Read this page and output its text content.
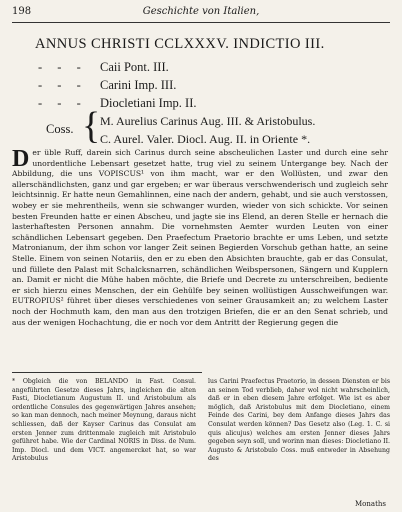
198	Geschichte von Italien,
ANNUS CHRISTI CCLXXXV. INDICTIO III.
- - - Caii Pont. III.
- - - Carini Imp. III.
- - - Diocletiani Imp. II.
Coss. { M. Aurelius Carinus Aug. III. & Aristobulus.
C. Aurel. Valer. Diocl. Aug. II. in Oriente *.
Der üble Ruff, darein sich Carinus durch seine abscheulichen Laster und durch eine sehr unordentliche Lebensart gesetzet hatte, trug viel zu seinem Untergange bey. Nach der Abbildung, die uns VOPISCUS¹ von ihm macht, war er den Wollüsten, und zwar den allerschändlichsten, ganz und gar ergeben; er war überaus verschwenderisch und zugleich sehr leichtsinnig. Er hatte neun Gemahlinnen, eine nach der andern, gehabt, und sie auch verstossen, wobey er sie mehrentheils, wenn sie schwanger wurden, wieder von sich schickte. Vor seinen besten Freunden hatte er einen Abscheu, und jagte sie ins Elend, an deren Stelle er hernach die lasterhaftesten Personen annahm. Die vornehmsten Aemter wurden Leuten von einer schändlichen Lebensart gegeben. Den Praefectum Praetorio brachte er ums Leben, und setzte Matronianum, der ihm schon vor langer Zeit seinen Begierden Vorschub gethan hatte, an seine Stelle. Einem von seinen Notariis, den er zu eben den Absichten brauchte, gab er das Consulat, und füllete den Palast mit Schalcksnarren, schändlichen Weibspersonen, Sängern und Kupplern an. Damit er nicht die Mühe haben möchte, die Briefe und Decrete zu unterschreiben, bediente er sich hierzu eines Menschen, der ein Gehülfe bey seinen wollüstigen Ausschweifungen war. EUTROPIUS² führet über dieses verschiedenes von seiner Grausamkeit an; zu welchem Laster noch der Hochmuth kam, den man aus den trotzigen Briefen, die er an den Senat schrieb, und aus der wenigen Hochachtung, die er noch vor dem Antritt der Regierung gegen die
* Obgleich die von BELANDO in Fast. Consul. angeführten Gesetze dieses Jahrs, ingleichen die alten Fasti, Diocletianum Augustum II. und Aristobulum als ordentliche Consules des gegenwärtigen Jahres ansehen; so kan man dennoch, nach meiner Meynung, daraus nicht schliessen, daß der Kayser Carinus das Consulat am ersten Jenner zum drittenmale zugleich mit Aristobulo geführet habe. Wie der Cardinal NORIS in Diss. de Num. Imp. Diocl. und dem VICT. angemercket hat, so war Aristobulus
lus Carini Praefectus Praetorio, in dessen Diensten er bis an seinen Tod verblieb, daher wol nicht wahrscheinlich, daß er in eben diesem Jahre erfolget. Wie ist es aber möglich, daß Aristobulus mit dem Diocletiano, einem Feinde des Carini, bey dem Anfange dieses Jahrs das Consulat werden können? Das Gesetz also (Leg. 1. C. si quis alicujus) welches am ersten Jenner dieses Jahrs gegeben seyn soll, und worinn man dieses: Diocletiano II. Augusto & Aristobulo Coss. muß entweder in Absehung des
Monaths
